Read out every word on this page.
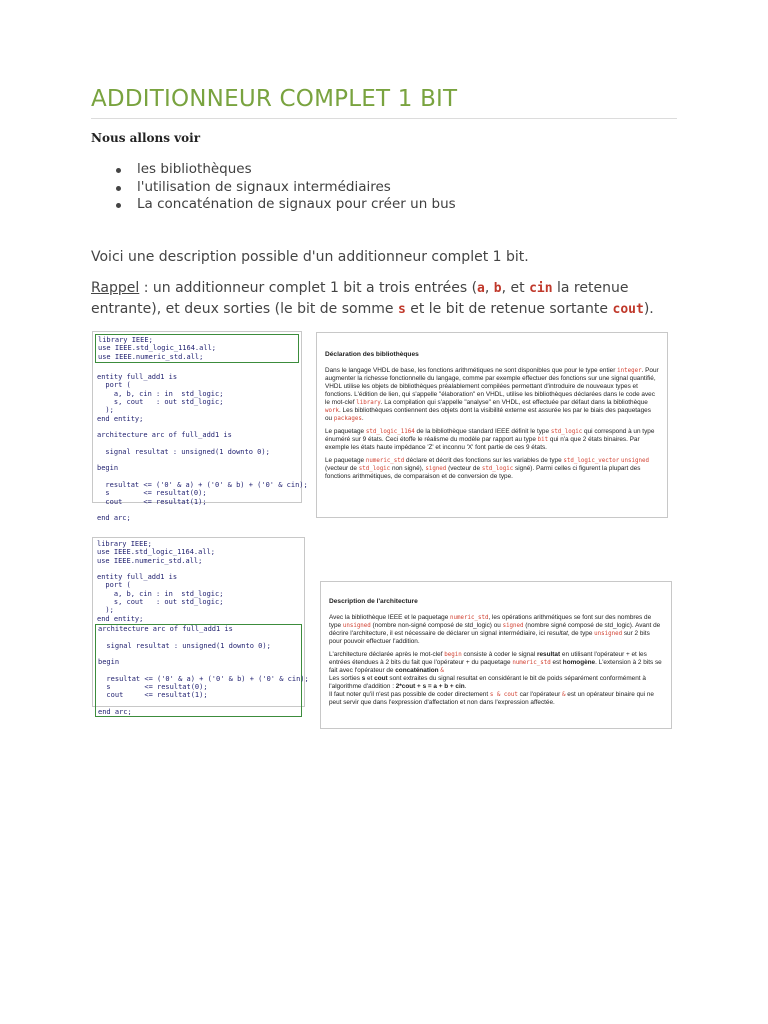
ADDITIONNEUR COMPLET 1 BIT
Nous allons voir
les bibliothèques
l'utilisation de signaux intermédiaires
La concaténation de signaux pour créer un bus
Voici une description possible d'un additionneur complet 1 bit.
Rappel : un additionneur complet 1 bit a trois entrées (a, b, et cin la retenue entrante), et deux sorties (le bit de somme s et le bit de retenue sortante cout).
library IEEE;
use IEEE.std_logic_1164.all;
use IEEE.numeric_std.all;
entity full_add1 is
port (
a, b, cin : in  std_logic;
s, cout   : out std_logic;
);
end entity;
architecture arc of full_add1 is
signal resultat : unsigned(1 downto 0);
begin
resultat <= ('0' & a) + ('0' & b) + ('0' & cin);
s        <= resultat(0);
cout     <= resultat(1);
end arc;
Déclaration des bibliothèques

Dans le langage VHDL de base, les fonctions arithmétiques ne sont disponibles que pour le type entier integer. Pour augmenter la richesse fonctionnelle du langage, comme par exemple effectuer des fonctions sur une signal quantifié, VHDL utilise les objets de bibliothèques préalablement compilées permettant d'introduire de nouveaux types et fonctions. L'édition de lien, qui s'appelle "élaboration" en VHDL, utilise les bibliothèques déclarées dans le code avec le mot-clef library. La compilation qui s'appelle "analyse" en VHDL, est effectuée par défaut dans la bibliothèque work. Les bibliothèques contiennent des objets dont la visibilité externe est assurée les par le biais des paquetages ou packages.

Le paquetage std_logic_1164 de la bibliothèque standard IEEE définit le type std_logic qui correspond à un type énuméré sur 9 états. Ceci étoffe le réalisme du modèle par rapport au type bit qui n'a que 2 états binaires. Par exemple les états haute impédance 'Z' et inconnu 'X' font partie de ces 9 états.

Le paquetage numeric_std déclare et décrit des fonctions sur les variables de type std_logic_vector unsigned (vecteur de std_logic non signé), signed (vecteur de std_logic signé). Parmi celles ci figurent la plupart des fonctions arithmétiques, de comparaison et de conversion de type.

library IEEE;
use IEEE.std_logic_1164.all;
use IEEE.numeric_std.all;
entity full_add1 is
port (
a, b, cin : in  std_logic;
s, cout   : out std_logic;
);
end entity;
architecture arc of full_add1 is
signal resultat : unsigned(1 downto 0);
begin
resultat <= ('0' & a) + ('0' & b) + ('0' & cin);
s        <= resultat(0);
cout     <= resultat(1);
end arc;
Description de l'architecture

Avec la bibliothèque IEEE et le paquetage numeric_std, les opérations arithmétiques se font sur des nombres de type unsigned (nombre non-signé composé de std_logic) ou signed (nombre signé composé de std_logic). Avant de décrire l'architecture, il est nécessaire de déclarer un signal intermédiaire, ici resultat, de type unsigned sur 2 bits pour pouvoir effectuer l'addition.

L'architecture déclarée après le mot-clef begin consiste à coder le signal resultat en utilisant l'opérateur + et les entrées étendues à 2 bits du fait que l'opérateur + du paquetage numeric_std est homogène. L'extension à 2 bits se fait avec l'opérateur de concaténation &

Les sorties s et cout sont extraites du signal resultat en considérant le bit de poids séparément conformément à l'algorithme d'addition : 2*cout + s = a + b + cin.

Il faut noter qu'il n'est pas possible de coder directement s & cout car l'opérateur & est un opérateur binaire qui ne peut servir que dans l'expression d'affectation et non dans l'expression affectée.
